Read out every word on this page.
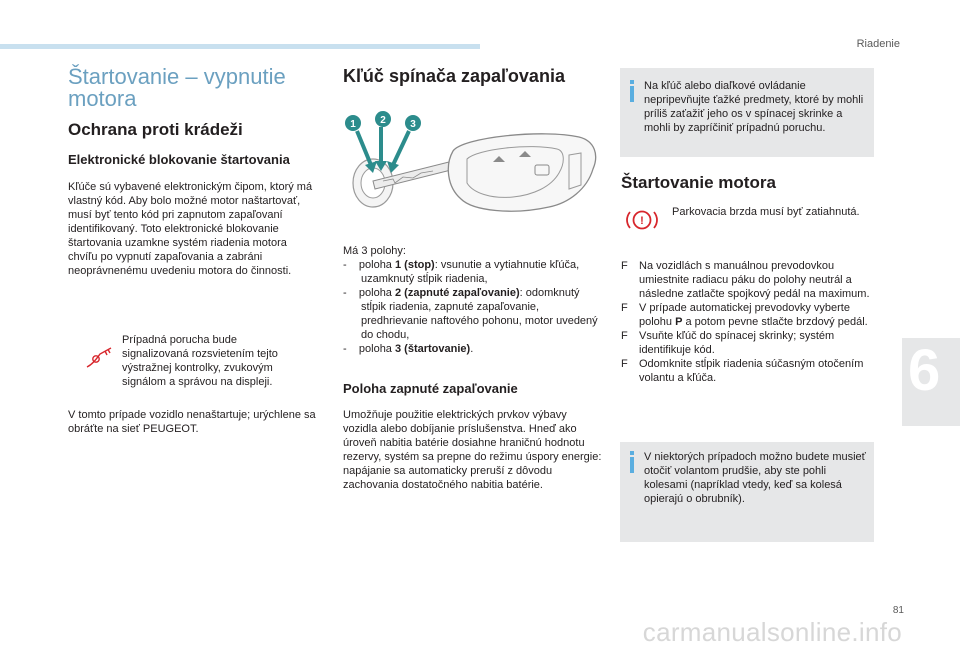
Riadenie
6
81
carmanualsonline.info
Štartovanie – vypnutie motora
Ochrana proti krádeži
Elektronické blokovanie štartovania

Kľúče sú vybavené elektronickým čipom, ktorý má vlastný kód. Aby bolo možné motor naštartovať, musí byť tento kód pri zapnutom zapaľovaní identifikovaný. Toto elektronické blokovanie štartovania uzamkne systém riadenia motora chvíľu po vypnutí zapaľovania a zabráni neoprávnenému uvedeniu motora do činnosti.

Prípadná porucha bude signalizovaná rozsvietením tejto výstražnej kontrolky, zvukovým signálom a správou na displeji.

V tomto prípade vozidlo nenaštartuje; urýchlene sa obráťte na sieť PEUGEOT.

Kľúč spínača zapaľovania
1 2 3
Má 3 polohy:
-    poloha 1 (stop): vsunutie a vytiahnutie kľúča, uzamknutý stĺpik riadenia,
-    poloha 2 (zapnuté zapaľovanie): odomknutý stĺpik riadenia, zapnuté zapaľovanie, predhrievanie naftového pohonu, motor uvedený do chodu,
-    poloha 3 (štartovanie).
Poloha zapnuté zapaľovanie

Umožňuje použitie elektrických prvkov výbavy vozidla alebo dobíjanie príslušenstva. Hneď ako úroveň nabitia batérie dosiahne hraničnú hodnotu rezervy, systém sa prepne do režimu úspory energie: napájanie sa automaticky preruší z dôvodu zachovania dostatočného nabitia batérie.

Na kľúč alebo diaľkové ovládanie nepripevňujte ťažké predmety, ktoré by mohli príliš zaťažiť jeho os v spínacej skrinke a mohli by zapríčiniť prípadnú poruchu.

Štartovanie motora
!

Parkovacia brzda musí byť zatiahnutá.

F Na vozidlách s manuálnou prevodovkou umiestnite radiacu páku do polohy neutrál a následne zatlačte spojkový pedál na maximum.
F V prípade automatickej prevodovky vyberte polohu P a potom pevne stlačte brzdový pedál.
F Vsuňte kľúč do spínacej skrinky; systém identifikuje kód.
F Odomknite stĺpik riadenia súčasným otočením volantu a kľúča.

V niektorých prípadoch možno budete musieť otočiť volantom prudšie, aby ste pohli kolesami (napríklad vtedy, keď sa kolesá opierajú o obrubník).
